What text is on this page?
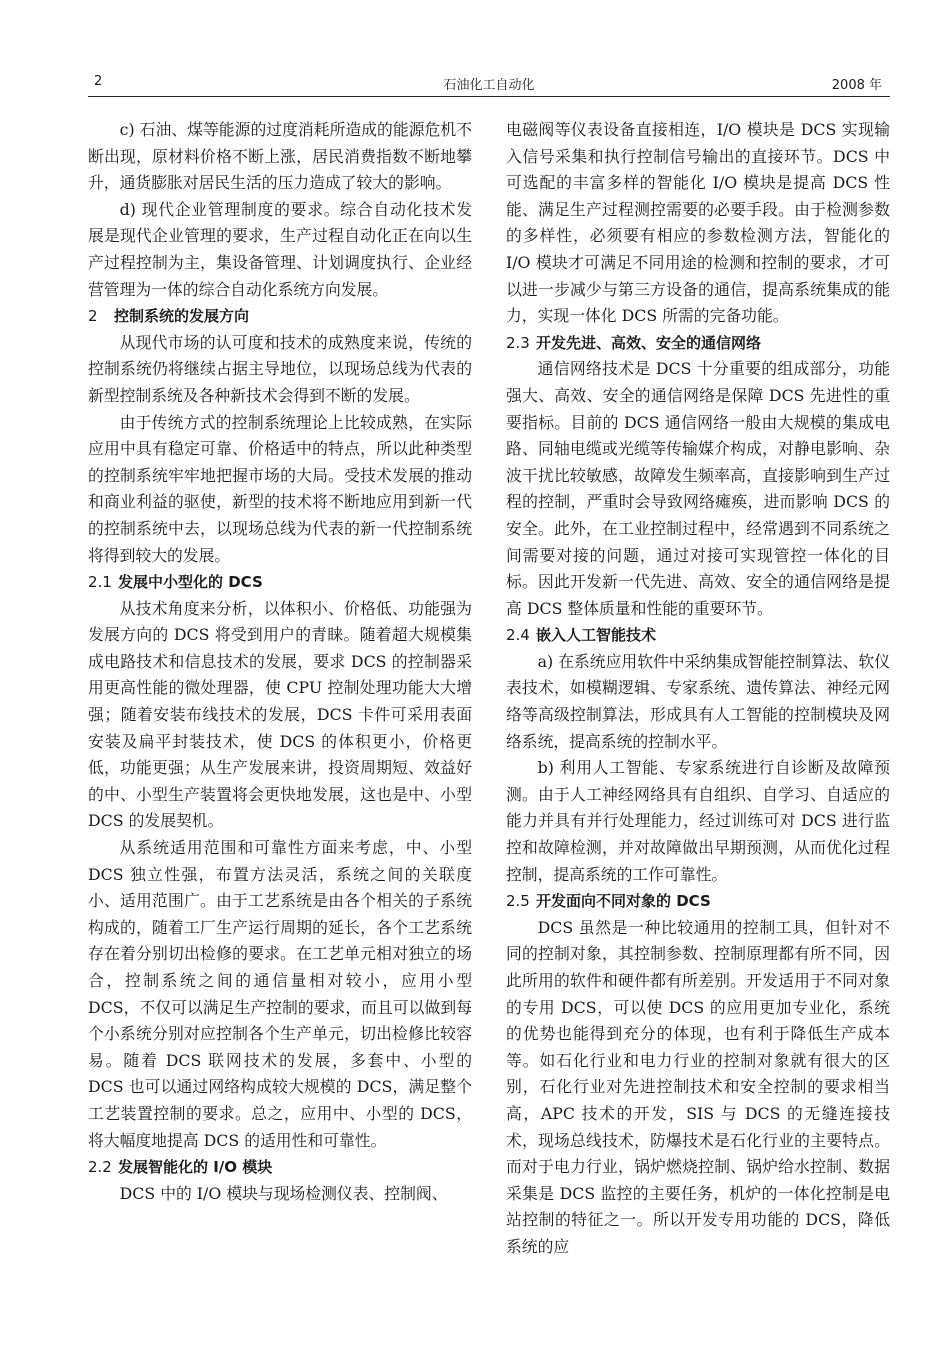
2	石油化工自动化	2008 年

c) 石油、煤等能源的过度消耗所造成的能源危机不断出现，原材料价格不断上涨，居民消费指数不断地攀升，通货膨胀对居民生活的压力造成了较大的影响。

d) 现代企业管理制度的要求。综合自动化技术发展是现代企业管理的要求，生产过程自动化正在向以生产过程控制为主，集设备管理、计划调度执行、企业经营管理为一体的综合自动化系统方向发展。

2 控制系统的发展方向

从现代市场的认可度和技术的成熟度来说，传统的控制系统仍将继续占据主导地位，以现场总线为代表的新型控制系统及各种新技术会得到不断的发展。

由于传统方式的控制系统理论上比较成熟，在实际应用中具有稳定可靠、价格适中的特点，所以此种类型的控制系统牢牢地把握市场的大局。受技术发展的推动和商业利益的驱使，新型的技术将不断地应用到新一代的控制系统中去，以现场总线为代表的新一代控制系统将得到较大的发展。

2.1 发展中小型化的 DCS

从技术角度来分析，以体积小、价格低、功能强为发展方向的 DCS 将受到用户的青睐。随着超大规模集成电路技术和信息技术的发展，要求 DCS 的控制器采用更高性能的微处理器，使 CPU 控制处理功能大大增强；随着安装布线技术的发展，DCS 卡件可采用表面安装及扁平封装技术，使 DCS 的体积更小，价格更低，功能更强；从生产发展来讲，投资周期短、效益好的中、小型生产装置将会更快地发展，这也是中、小型 DCS 的发展契机。

从系统适用范围和可靠性方面来考虑，中、小型 DCS 独立性强，布置方法灵活，系统之间的关联度小、适用范围广。由于工艺系统是由各个相关的子系统构成的，随着工厂生产运行周期的延长，各个工艺系统存在着分别切出检修的要求。在工艺单元相对独立的场合，控制系统之间的通信量相对较小，应用小型 DCS，不仅可以满足生产控制的要求，而且可以做到每个小系统分别对应控制各个生产单元，切出检修比较容易。随着 DCS 联网技术的发展，多套中、小型的 DCS 也可以通过网络构成较大规模的 DCS，满足整个工艺装置控制的要求。总之，应用中、小型的 DCS，将大幅度地提高 DCS 的适用性和可靠性。

2.2 发展智能化的 I/O 模块

DCS 中的 I/O 模块与现场检测仪表、控制阀、

电磁阀等仪表设备直接相连，I/O 模块是 DCS 实现输入信号采集和执行控制信号输出的直接环节。DCS 中可选配的丰富多样的智能化 I/O 模块是提高 DCS 性能、满足生产过程测控需要的必要手段。由于检测参数的多样性，必须要有相应的参数检测方法，智能化的 I/O 模块才可满足不同用途的检测和控制的要求，才可以进一步减少与第三方设备的通信，提高系统集成的能力，实现一体化 DCS 所需的完备功能。

2.3 开发先进、高效、安全的通信网络

通信网络技术是 DCS 十分重要的组成部分，功能强大、高效、安全的通信网络是保障 DCS 先进性的重要指标。目前的 DCS 通信网络一般由大规模的集成电路、同轴电缆或光缆等传输媒介构成，对静电影响、杂波干扰比较敏感，故障发生频率高，直接影响到生产过程的控制，严重时会导致网络瘫痪，进而影响 DCS 的安全。此外，在工业控制过程中，经常遇到不同系统之间需要对接的问题，通过对接可实现管控一体化的目标。因此开发新一代先进、高效、安全的通信网络是提高 DCS 整体质量和性能的重要环节。

2.4 嵌入人工智能技术

a) 在系统应用软件中采纳集成智能控制算法、软仪表技术，如模糊逻辑、专家系统、遗传算法、神经元网络等高级控制算法，形成具有人工智能的控制模块及网络系统，提高系统的控制水平。

b) 利用人工智能、专家系统进行自诊断及故障预测。由于人工神经网络具有自组织、自学习、自适应的能力并具有并行处理能力，经过训练可对 DCS 进行监控和故障检测，并对故障做出早期预测，从而优化过程控制，提高系统的工作可靠性。

2.5 开发面向不同对象的 DCS

DCS 虽然是一种比较通用的控制工具，但针对不同的控制对象，其控制参数、控制原理都有所不同，因此所用的软件和硬件都有所差别。开发适用于不同对象的专用 DCS，可以使 DCS 的应用更加专业化，系统的优势也能得到充分的体现，也有利于降低生产成本等。如石化行业和电力行业的控制对象就有很大的区别，石化行业对先进控制技术和安全控制的要求相当高，APC 技术的开发，SIS 与 DCS 的无缝连接技术，现场总线技术，防爆技术是石化行业的主要特点。而对于电力行业，锅炉燃烧控制、锅炉给水控制、数据采集是 DCS 监控的主要任务，机炉的一体化控制是电站控制的特征之一。所以开发专用功能的 DCS，降低系统的应
